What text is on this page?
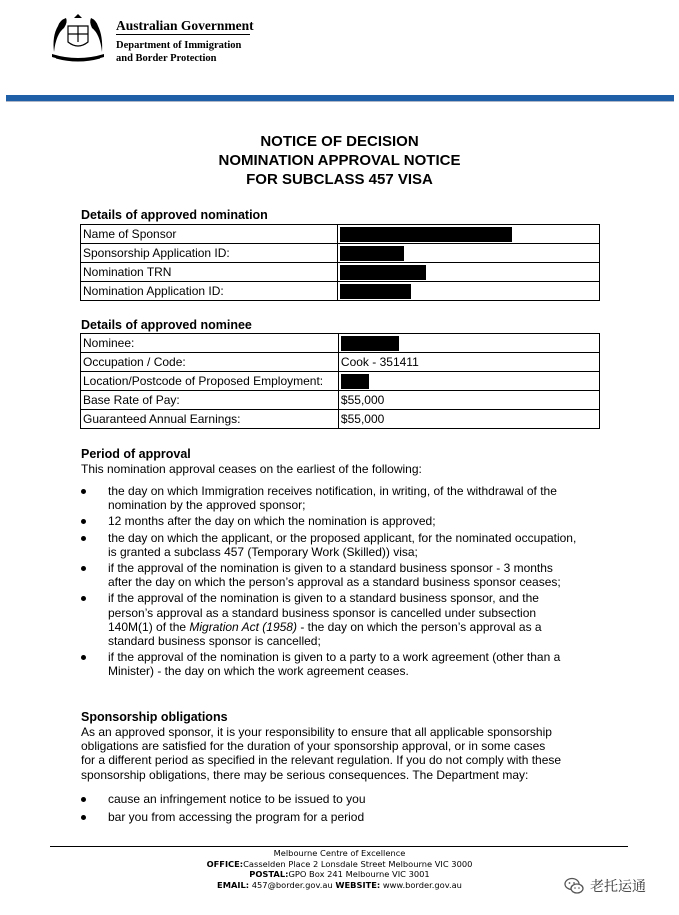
Australian Government
Department of Immigration
and Border Protection
NOTICE OF DECISION
NOMINATION APPROVAL NOTICE
FOR SUBCLASS 457 VISA
Details of approved nomination
Name of Sponsor	
Sponsorship Application ID:	
Nomination TRN	
Nomination Application ID:	
Details of approved nominee
Nominee:	
Occupation / Code:	Cook - 351411
Location/Postcode of Proposed Employment:	
Base Rate of Pay:	$55,000
Guaranteed Annual Earnings:	$55,000
Period of approval
This nomination approval ceases on the earliest of the following:
the day on which Immigration receives notification, in writing, of the withdrawal of the
nomination by the approved sponsor;
12 months after the day on which the nomination is approved;
the day on which the applicant, or the proposed applicant, for the nominated occupation,
is granted a subclass 457 (Temporary Work (Skilled)) visa;
if the approval of the nomination is given to a standard business sponsor - 3 months
after the day on which the person’s approval as a standard business sponsor ceases;
if the approval of the nomination is given to a standard business sponsor, and the
person’s approval as a standard business sponsor is cancelled under subsection
140M(1) of the Migration Act (1958) - the day on which the person’s approval as a
standard business sponsor is cancelled;
if the approval of the nomination is given to a party to a work agreement (other than a
Minister) - the day on which the work agreement ceases.
Sponsorship obligations
As an approved sponsor, it is your responsibility to ensure that all applicable sponsorship
obligations are satisfied for the duration of your sponsorship approval, or in some cases
for a different period as specified in the relevant regulation. If you do not comply with these
sponsorship obligations, there may be serious consequences. The Department may:
cause an infringement notice to be issued to you
bar you from accessing the program for a period
Melbourne Centre of Excellence
OFFICE:Casselden Place 2 Lonsdale Street Melbourne VIC 3000
POSTAL:GPO Box 241 Melbourne VIC 3001
EMAIL: 457@border.gov.au WEBSITE: www.border.gov.au	老托运通
